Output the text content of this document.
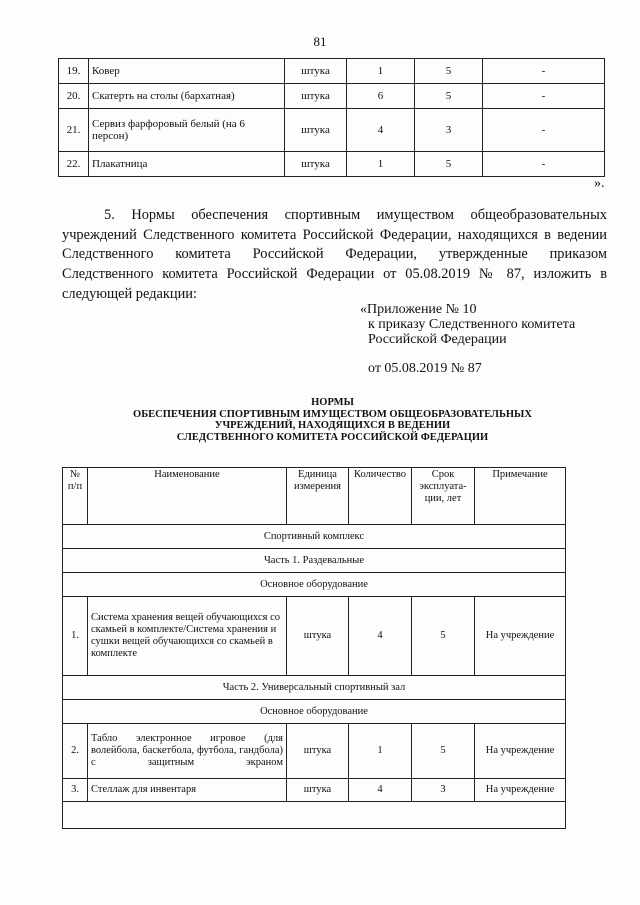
81
19.	Ковер	штука	1	5	-
20.	Скатерть на столы (бархатная)	штука	6	5	-
21.	Сервиз фарфоровый белый (на 6 персон)	штука	4	3	-
22.	Плакатница	штука	1	5	-
».
5. Нормы обеспечения спортивным имуществом общеобразовательных учреждений Следственного комитета Российской Федерации, находящихся в ведении Следственного комитета Российской Федерации, утвержденные приказом Следственного комитета Российской Федерации от 05.08.2019 № 87, изложить в следующей редакции:
«Приложение № 10
к приказу Следственного комитета
Российской Федерации
от 05.08.2019 № 87
НОРМЫ
ОБЕСПЕЧЕНИЯ СПОРТИВНЫМ ИМУЩЕСТВОМ ОБЩЕОБРАЗОВАТЕЛЬНЫХ
УЧРЕЖДЕНИЙ, НАХОДЯЩИХСЯ В ВЕДЕНИИ
СЛЕДСТВЕННОГО КОМИТЕТА РОССИЙСКОЙ ФЕДЕРАЦИИ
№ п/п	Наименование	Единица измерения	Количество	Срок эксплуата-ции, лет	Примечание
Спортивный комплекс					
Часть 1. Раздевальные					
Основное оборудование					
1.	Система хранения вещей обучающихся со скамьей в комплекте/Система хранения и сушки вещей обучающихся со скамьей в комплекте	штука	4	5	На учреждение
Часть 2. Универсальный спортивный зал					
Основное оборудование					
2.	Табло электронное игровое (для волейбола, баскетбола, футбола, гандбола) с защитным экраном	штука	1	5	На учреждение
3.	Стеллаж для инвентаря	штука	4	3	На учреждение
